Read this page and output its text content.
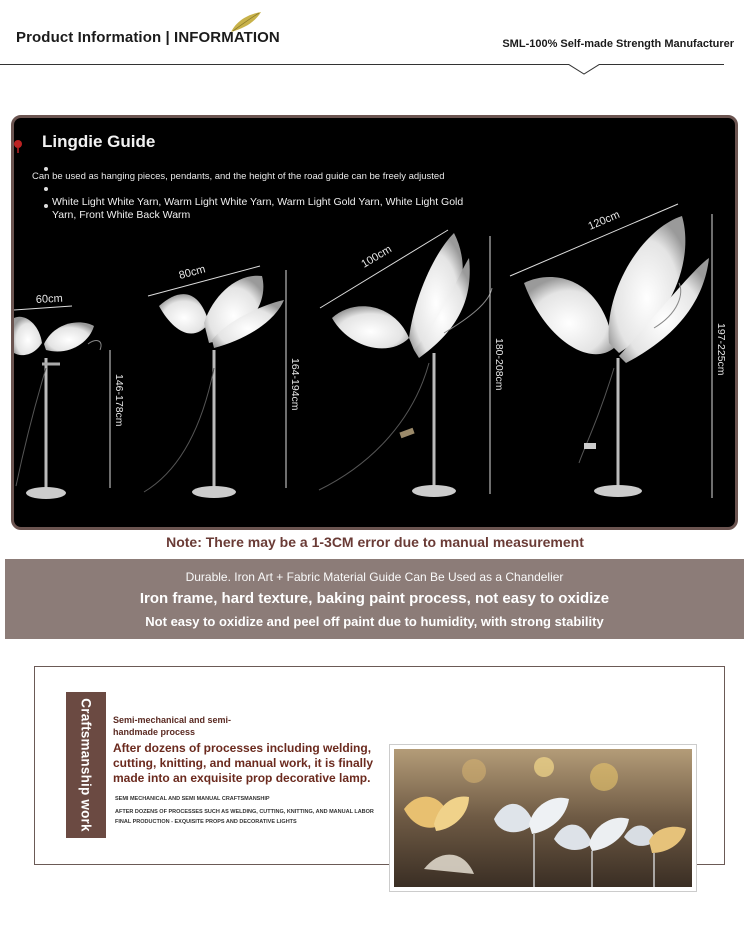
Product Information | INFORMATION	SML-100% Self-made Strength Manufacturer
Lingdie Guide
Can be used as hanging pieces, pendants, and the height of the road guide can be freely adjusted
White Light White Yarn, Warm Light White Yarn, Warm Light Gold Yarn, White Light Gold Yarn, Front White Back Warm
60cm
80cm
100cm
120cm
146-178cm	164-194cm	180-208cm	197-225cm
Note: There may be a 1-3CM error due to manual measurement
Durable. Iron Art + Fabric Material Guide Can Be Used as a Chandelier
Iron frame, hard texture, baking paint process, not easy to oxidize
Not easy to oxidize and peel off paint due to humidity, with strong stability
Craftsmanship work Semi-mechanical and semi-handmade process
After dozens of processes including welding, cutting, knitting, and manual work, it is finally made into an exquisite prop decorative lamp.
SEMI MECHANICAL AND SEMI MANUAL CRAFTSMANSHIP
AFTER DOZENS OF PROCESSES SUCH AS WELDING, CUTTING, KNITTING, AND MANUAL LABOR FINAL PRODUCTION - EXQUISITE PROPS AND DECORATIVE LIGHTS
